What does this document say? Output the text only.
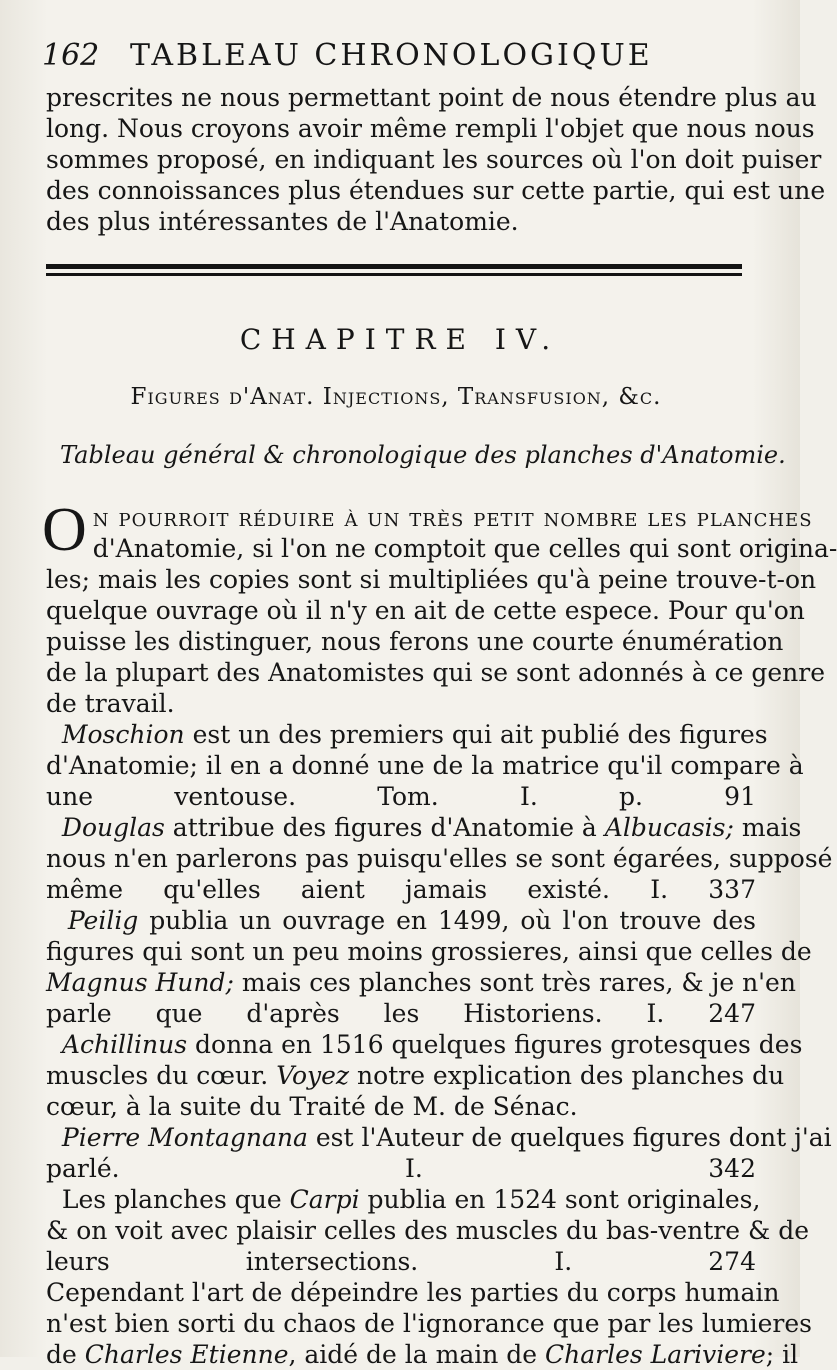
162 TABLEAU CHRONOLOGIQUE
prescrites ne nous permettant point de nous étendre plus au
long. Nous croyons avoir même rempli l'objet que nous nous
sommes proposé, en indiquant les sources où l'on doit puiser
des connoissances plus étendues sur cette partie, qui est une
des plus intéressantes de l'Anatomie.
CHAPITRE IV.
Figures d'Anat. Injections, Transfusion, &c.
Tableau général & chronologique des planches d'Anatomie.
O n pourroit réduire à un très petit nombre les planches
d'Anatomie, si l'on ne comptoit que celles qui sont origina-
les; mais les copies sont si multipliées qu'à peine trouve-t-on
quelque ouvrage où il n'y en ait de cette espece. Pour qu'on
puisse les distinguer, nous ferons une courte énumération
de la plupart des Anatomistes qui se sont adonnés à ce genre
de travail.
Moschion est un des premiers qui ait publié des figures
d'Anatomie; il en a donné une de la matrice qu'il compare à
une ventouse.	Tom. I. p. 91
Douglas attribue des figures d'Anatomie à Albucasis; mais
nous n'en parlerons pas puisqu'elles se sont égarées, supposé
même qu'elles aient jamais existé. I. 337
Peilig publia un ouvrage en 1499, où l'on trouve des
figures qui sont un peu moins grossieres, ainsi que celles de
Magnus Hund; mais ces planches sont très rares, & je n'en
parle que d'après les Historiens. I. 247
Achillinus donna en 1516 quelques figures grotesques des
muscles du cœur. Voyez notre explication des planches du
cœur, à la suite du Traité de M. de Sénac.
Pierre Montagnana est l'Auteur de quelques figures dont j'ai
parlé.	I. 342
Les planches que Carpi publia en 1524 sont originales,
& on voit avec plaisir celles des muscles du bas-ventre & de
leurs intersections.	I. 274
Cependant l'art de dépeindre les parties du corps humain
n'est bien sorti du chaos de l'ignorance que par les lumieres
de Charles Etienne, aidé de la main de Charles Lariviere; il
